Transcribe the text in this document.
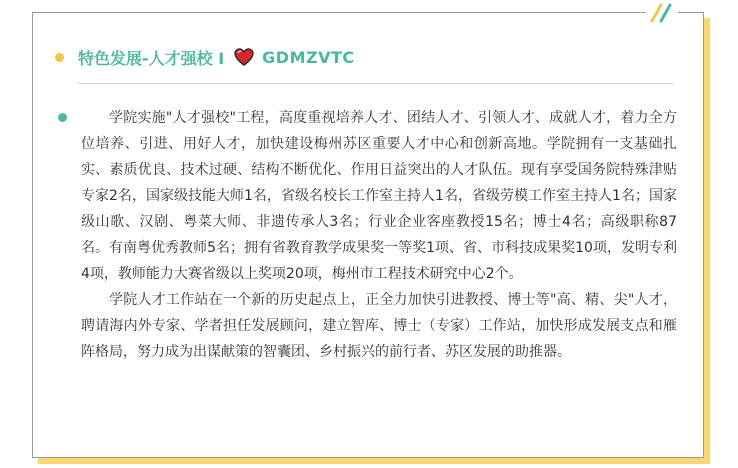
特色发展-人才强校 I GDMZVTC

学院实施"人才强校"工程，高度重视培养人才、团结人才、引领人才、成就人才，着力全方位培养、引进、用好人才，加快建设梅州苏区重要人才中心和创新高地。学院拥有一支基础扎实、素质优良、技术过硬、结构不断优化、作用日益突出的人才队伍。现有享受国务院特殊津贴专家2名，国家级技能大师1名，省级名校长工作室主持人1名，省级劳模工作室主持人1名；国家级山歌、汉剧、粤菜大师、非遗传承人3名；行业企业客座教授15名；博士4名；高级职称87名。有南粤优秀教师5名；拥有省教育教学成果奖一等奖1项、省、市科技成果奖10项，发明专利4项，教师能力大赛省级以上奖项20项，梅州市工程技术研究中心2个。

学院人才工作站在一个新的历史起点上，正全力加快引进教授、博士等"高、精、尖"人才，聘请海内外专家、学者担任发展顾问，建立智库、博士（专家）工作站，加快形成发展支点和雁阵格局，努力成为出谋献策的智囊团、乡村振兴的前行者、苏区发展的助推器。
